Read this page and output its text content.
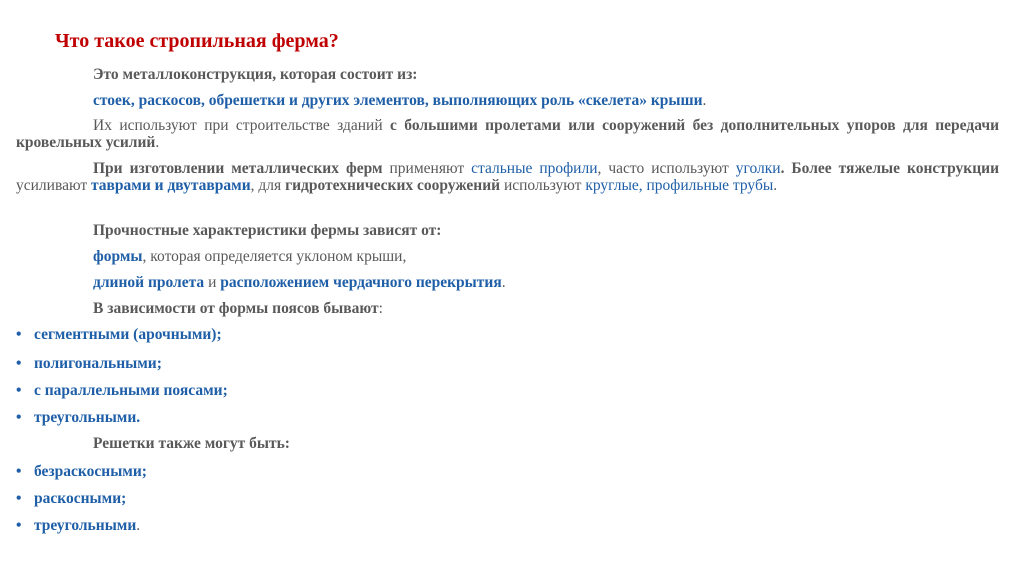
Что такое стропильная ферма?
Это металлоконструкция, которая состоит из:
стоек, раскосов, обрешетки и других элементов, выполняющих роль «скелета» крыши.
Их используют при строительстве зданий с большими пролетами или сооружений без дополнительных упоров для передачи кровельных усилий.
При изготовлении металлических ферм применяют стальные профили, часто используют уголки. Более тяжелые конструкции усиливают таврами и двутаврами, для гидротехнических сооружений используют круглые, профильные трубы.
Прочностные характеристики фермы зависят от:
формы, которая определяется уклоном крыши,
длиной пролета и расположением чердачного перекрытия.
В зависимости от формы поясов бывают:
• сегментными (арочными);
• полигональными;
• с параллельными поясами;
• треугольными.
Решетки также могут быть:
• безраскосными;
• раскосными;
• треугольными.
